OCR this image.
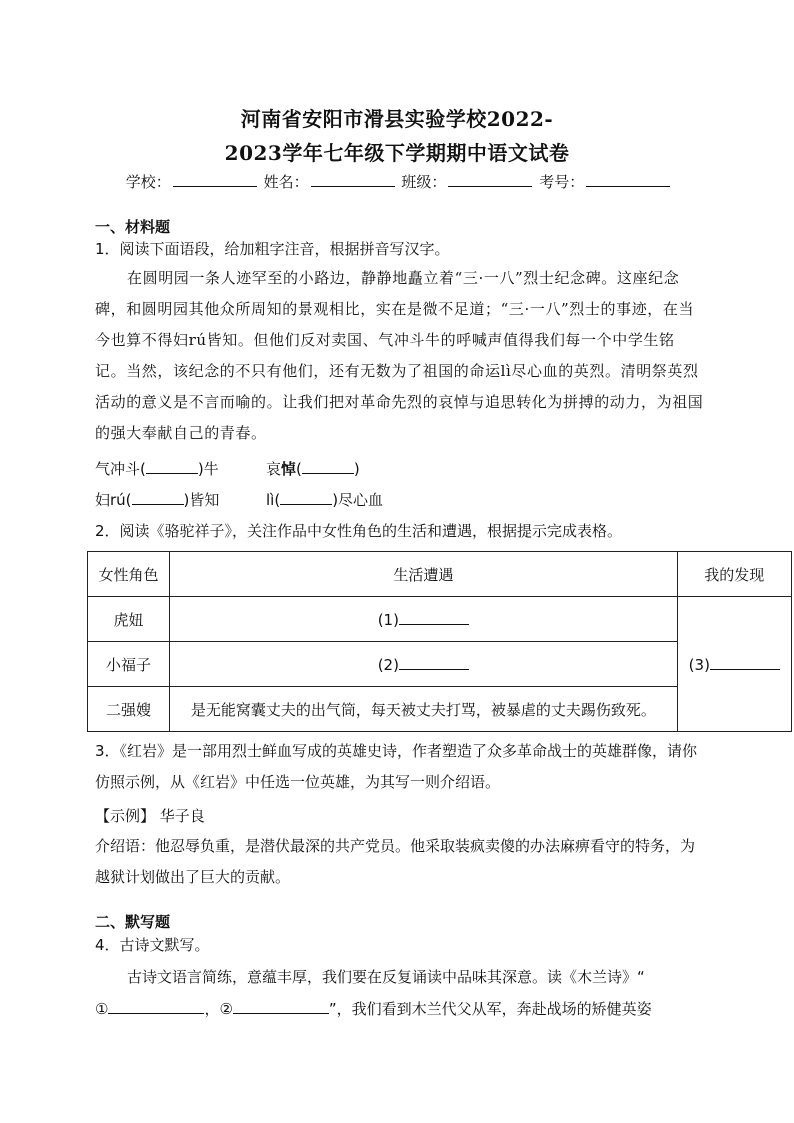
河南省安阳市滑县实验学校2022-
2023学年七年级下学期期中语文试卷
学校：	姓名：	班级：	考号：
一、材料题
1．阅读下面语段，给加粗字注音，根据拼音写汉字。
在圆明园一条人迹罕至的小路边，静静地矗立着“三·一八”烈士纪念碑。这座纪念碑，和圆明园其他众所周知的景观相比，实在是微不足道；“三·一八”烈士的事迹，在当今也算不得妇rú皆知。但他们反对卖国、气冲斗牛的呼喊声值得我们每一个中学生铭记。当然，该纪念的不只有他们，还有无数为了祖国的命运lì尽心血的英烈。清明祭英烈活动的意义是不言而喻的。让我们把对革命先烈的哀悼与追思转化为拼搏的动力，为祖国的强大奉献自己的青春。
气冲斗(	)牛	哀悼(	)
妇rú(	)皆知	lì(	)尽心血
2．阅读《骆驼祥子》，关注作品中女性角色的生活和遭遇，根据提示完成表格。
女性角色	生活遭遇	我的发现
虎妞	(1)	(3)
小福子	(2)	
二强嫂	是无能窝囊丈夫的出气筒，每天被丈夫打骂，被暴虐的丈夫踢伤致死。	
3．《红岩》是一部用烈士鲜血写成的英雄史诗，作者塑造了众多革命战士的英雄群像，请你仿照示例，从《红岩》中任选一位英雄，为其写一则介绍语。
【示例】 华子良
介绍语：他忍辱负重，是潜伏最深的共产党员。他采取装疯卖傻的办法麻痹看守的特务，为越狱计划做出了巨大的贡献。
二、默写题
4．古诗文默写。
古诗文语言简练，意蕴丰厚，我们要在反复诵读中品味其深意。读《木兰诗》“
①	，②	”，我们看到木兰代父从军，奔赴战场的矫健英姿
